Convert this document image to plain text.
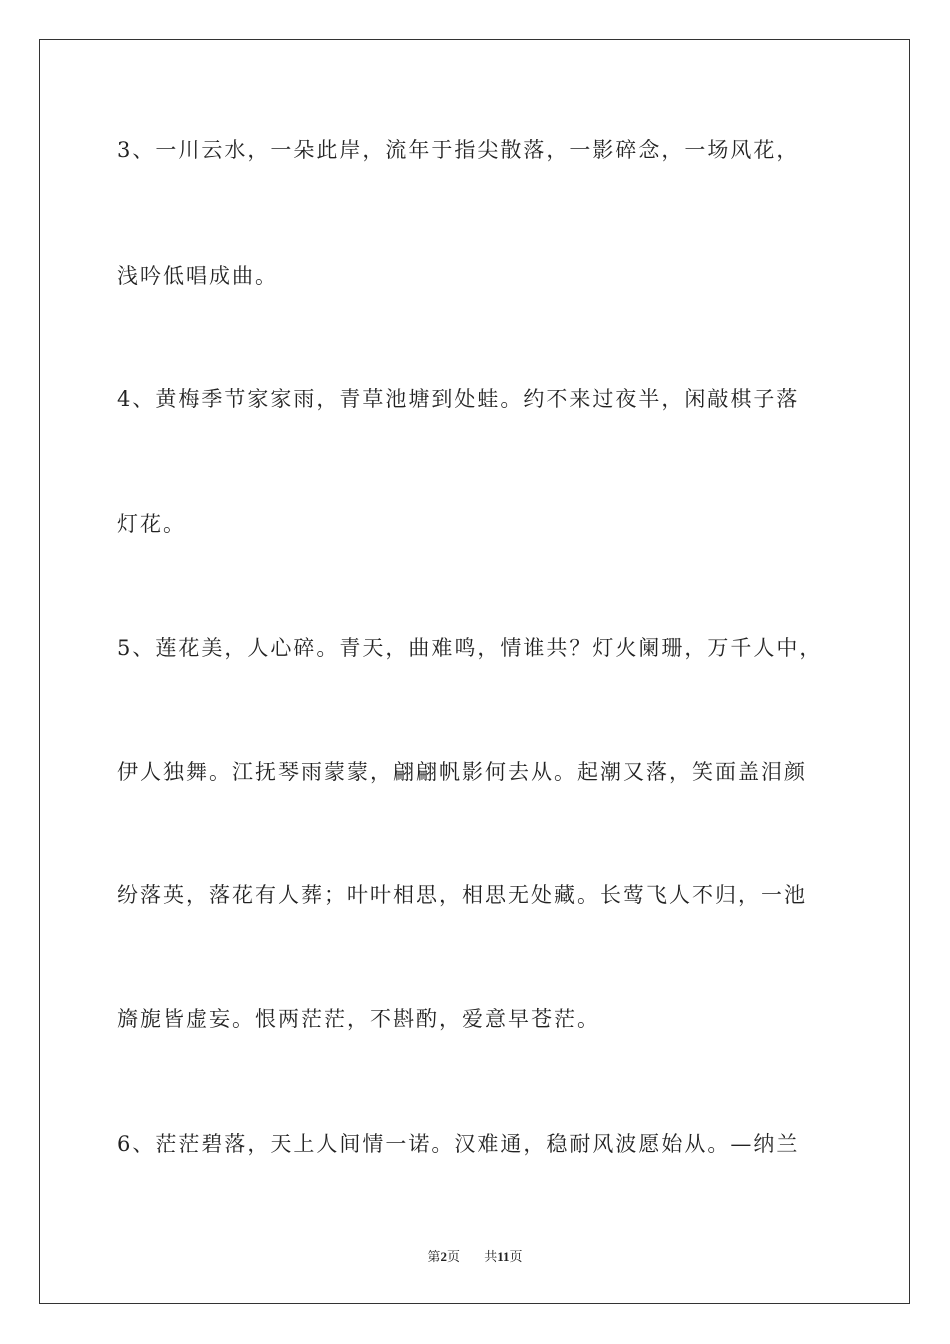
3、一川云水，一朵此岸，流年于指尖散落，一影碎念，一场风花，
浅吟低唱成曲。
4、黄梅季节家家雨，青草池塘到处蛙。约不来过夜半，闲敲棋子落
灯花。
5、莲花美，人心碎。青天，曲难鸣，情谁共？灯火阑珊，万千人中，
伊人独舞。江抚琴雨蒙蒙，翩翩帆影何去从。起潮又落，笑面盖泪颜
纷落英，落花有人葬；叶叶相思，相思无处藏。长莺飞人不归，一池
旖旎皆虚妄。恨两茫茫，不斟酌，爱意早苍茫。
6、茫茫碧落，天上人间情一诺。汉难通，稳耐风波愿始从。—纳兰
第2页 共11页
